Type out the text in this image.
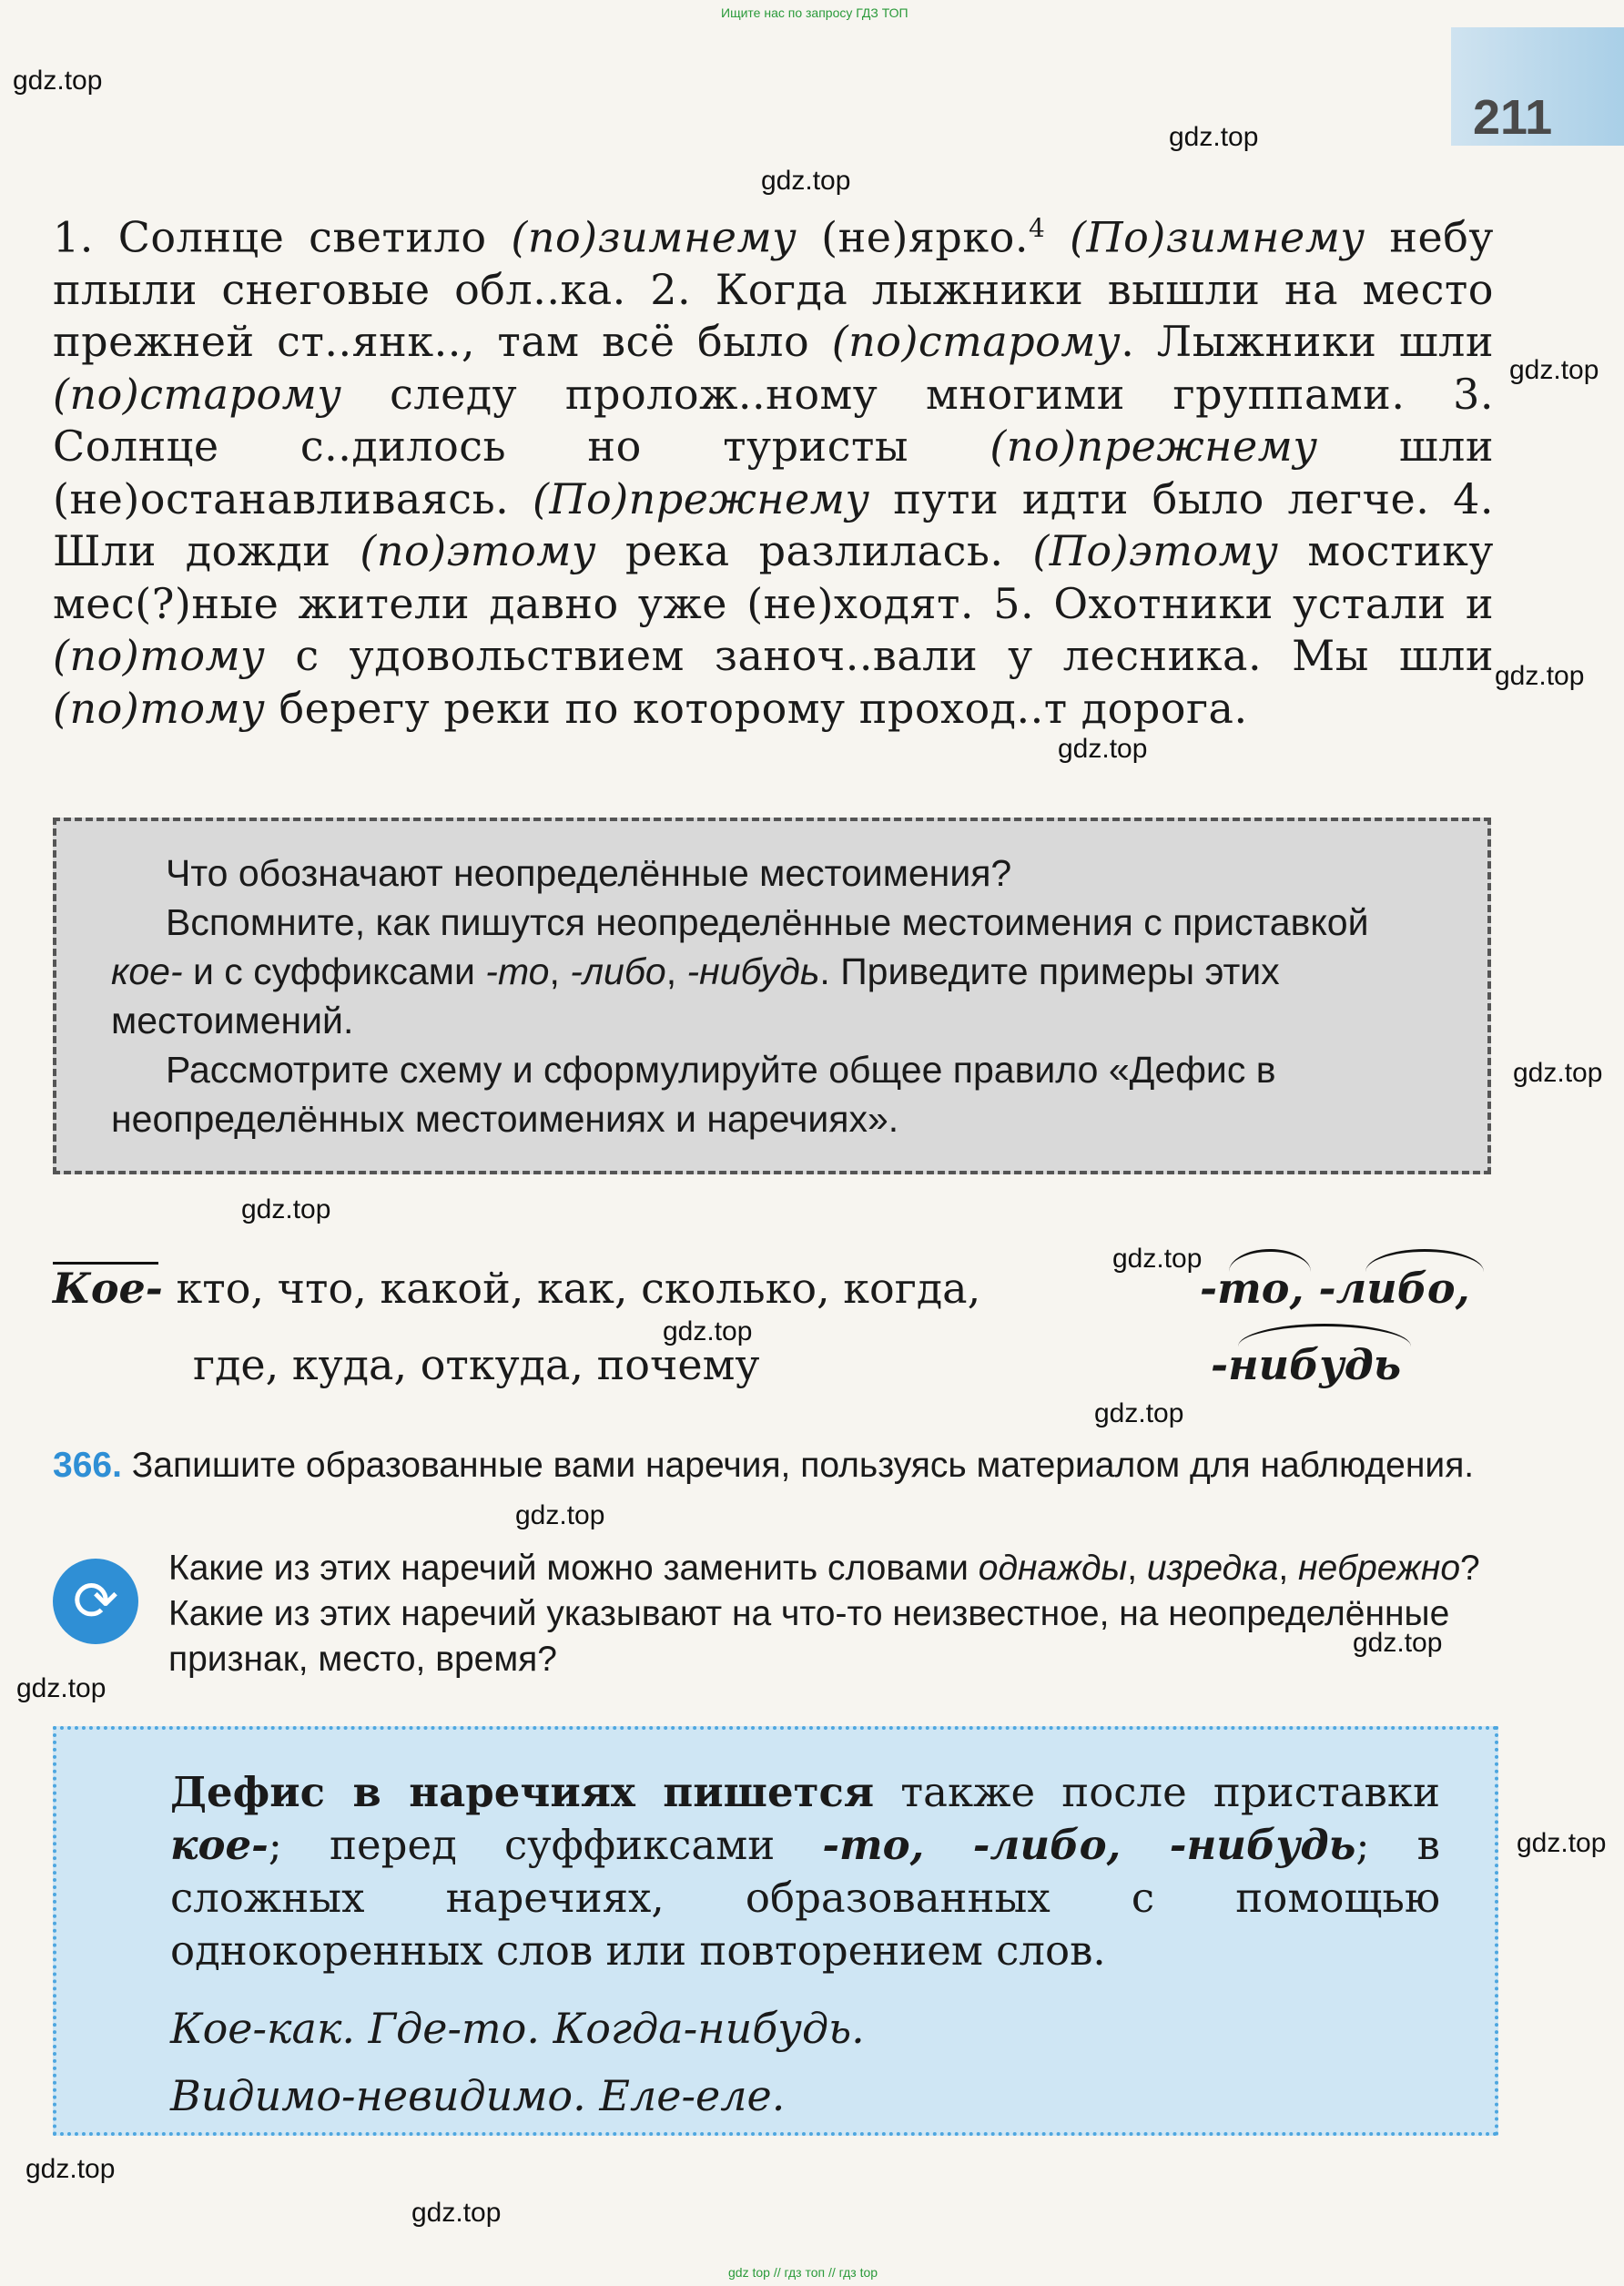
211
Ищите нас по запросу ГДЗ ТОП
gdz top // гдз топ // гдз top
gdz.top
gdz.top
gdz.top
gdz.top
gdz.top
gdz.top
gdz.top
gdz.top
gdz.top
gdz.top
gdz.top
gdz.top
gdz.top
gdz.top
gdz.top
gdz.top
gdz.top
1. Солнце светило (по)зимнему (не)ярко.$^4$ (По)зимнему небу плыли снеговые обл..ка. 2. Когда лыжники вышли на место прежней ст..янк.., там всё было (по)старому. Лыжники шли (по)старому следу пролож..ному многими группами. 3. Солнце с..дилось но туристы (по)прежнему шли (не)останавливаясь. (По)прежнему пути идти было легче. 4. Шли дожди (по)этому река разлилась. (По)этому мостику мес(?)ные жители давно уже (не)ходят. 5. Охотники устали и (по)тому с удовольствием заноч..вали у лесника. Мы шли (по)тому берегу реки по которому проход..т дорога.

Что обозначают неопределённые местоимения?

Вспомните, как пишутся неопределённые местоимения с приставкой кое- и с суффиксами -то, -либо, -нибудь. Приведите примеры этих местоимений.

Рассмотрите схему и сформулируйте общее правило «Дефис в неопределённых местоимениях и наречиях».

Кое- кто, что, какой, как, сколько, когда,
где, куда, откуда, почему
-то, -либо,
-нибудь
366. Запишите образованные вами наречия, пользуясь материалом для наблюдения.
⟳
Какие из этих наречий можно заменить словами однажды, изредка, небрежно? Какие из этих наречий указывают на что-то неизвестное, на неопределённые признак, место, время?
Дефис в наречиях пишется также после приставки кое-; перед суффиксами -то, -либо, -нибудь; в сложных наречиях, образованных с помощью однокоренных слов или повторением слов.
Кое-как. Где-то. Когда-нибудь.
Видимо-невидимо. Еле-еле.
